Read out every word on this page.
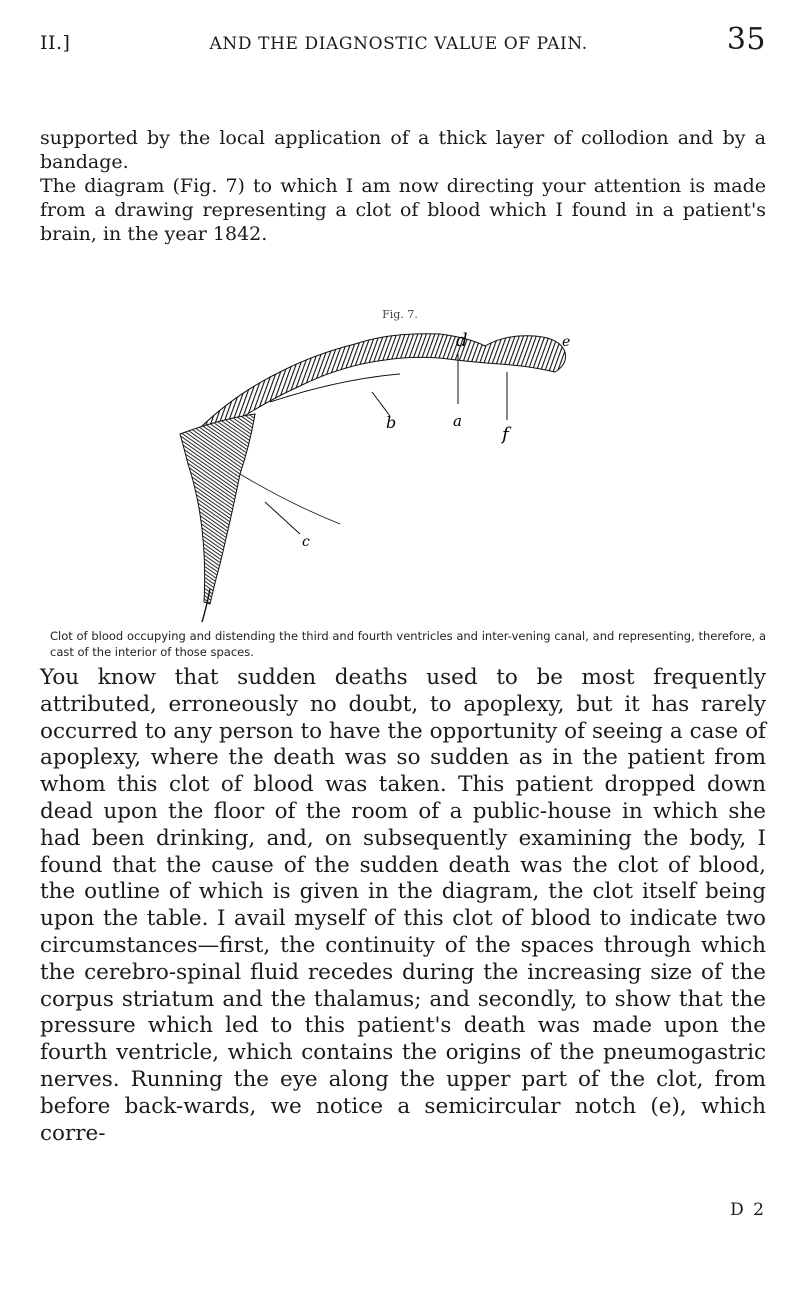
II.]	AND THE DIAGNOSTIC VALUE OF PAIN.	35
supported by the local application of a thick layer of collodion and by a bandage.
The diagram (Fig. 7) to which I am now directing your attention is made from a drawing representing a clot of blood which I found in a patient's brain, in the year 1842.
Fig. 7.
d	e
b	a
f
c
Clot of blood occupying and distending the third and fourth ventricles and inter-vening canal, and representing, therefore, a cast of the interior of those spaces.
You know that sudden deaths used to be most frequently attributed, erroneously no doubt, to apoplexy, but it has rarely occurred to any person to have the opportunity of seeing a case of apoplexy, where the death was so sudden as in the patient from whom this clot of blood was taken. This patient dropped down dead upon the floor of the room of a public-house in which she had been drinking, and, on subsequently examining the body, I found that the cause of the sudden death was the clot of blood, the outline of which is given in the diagram, the clot itself being upon the table. I avail myself of this clot of blood to indicate two circumstances—first, the continuity of the spaces through which the cerebro-spinal fluid recedes during the increasing size of the corpus striatum and the thalamus; and secondly, to show that the pressure which led to this patient's death was made upon the fourth ventricle, which contains the origins of the pneumogastric nerves. Running the eye along the upper part of the clot, from before back-wards, we notice a semicircular notch (e), which corre-
D 2
